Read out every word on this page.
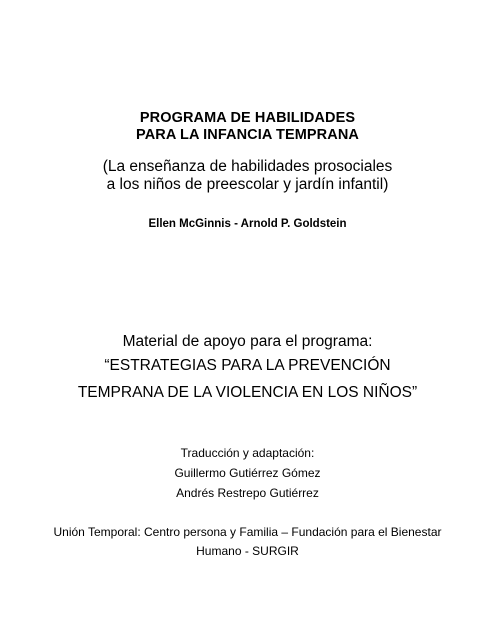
PROGRAMA DE HABILIDADES
PARA LA INFANCIA TEMPRANA
(La enseñanza de habilidades prosociales
a los niños de preescolar y jardín infantil)
Ellen McGinnis - Arnold P. Goldstein
Material de apoyo para el programa:
“ESTRATEGIAS PARA LA PREVENCIÓN
TEMPRANA DE LA VIOLENCIA EN LOS NIÑOS”
Traducción y adaptación:
Guillermo Gutiérrez Gómez
Andrés Restrepo Gutiérrez
Unión Temporal: Centro persona y Familia – Fundación para el Bienestar
Humano - SURGIR
